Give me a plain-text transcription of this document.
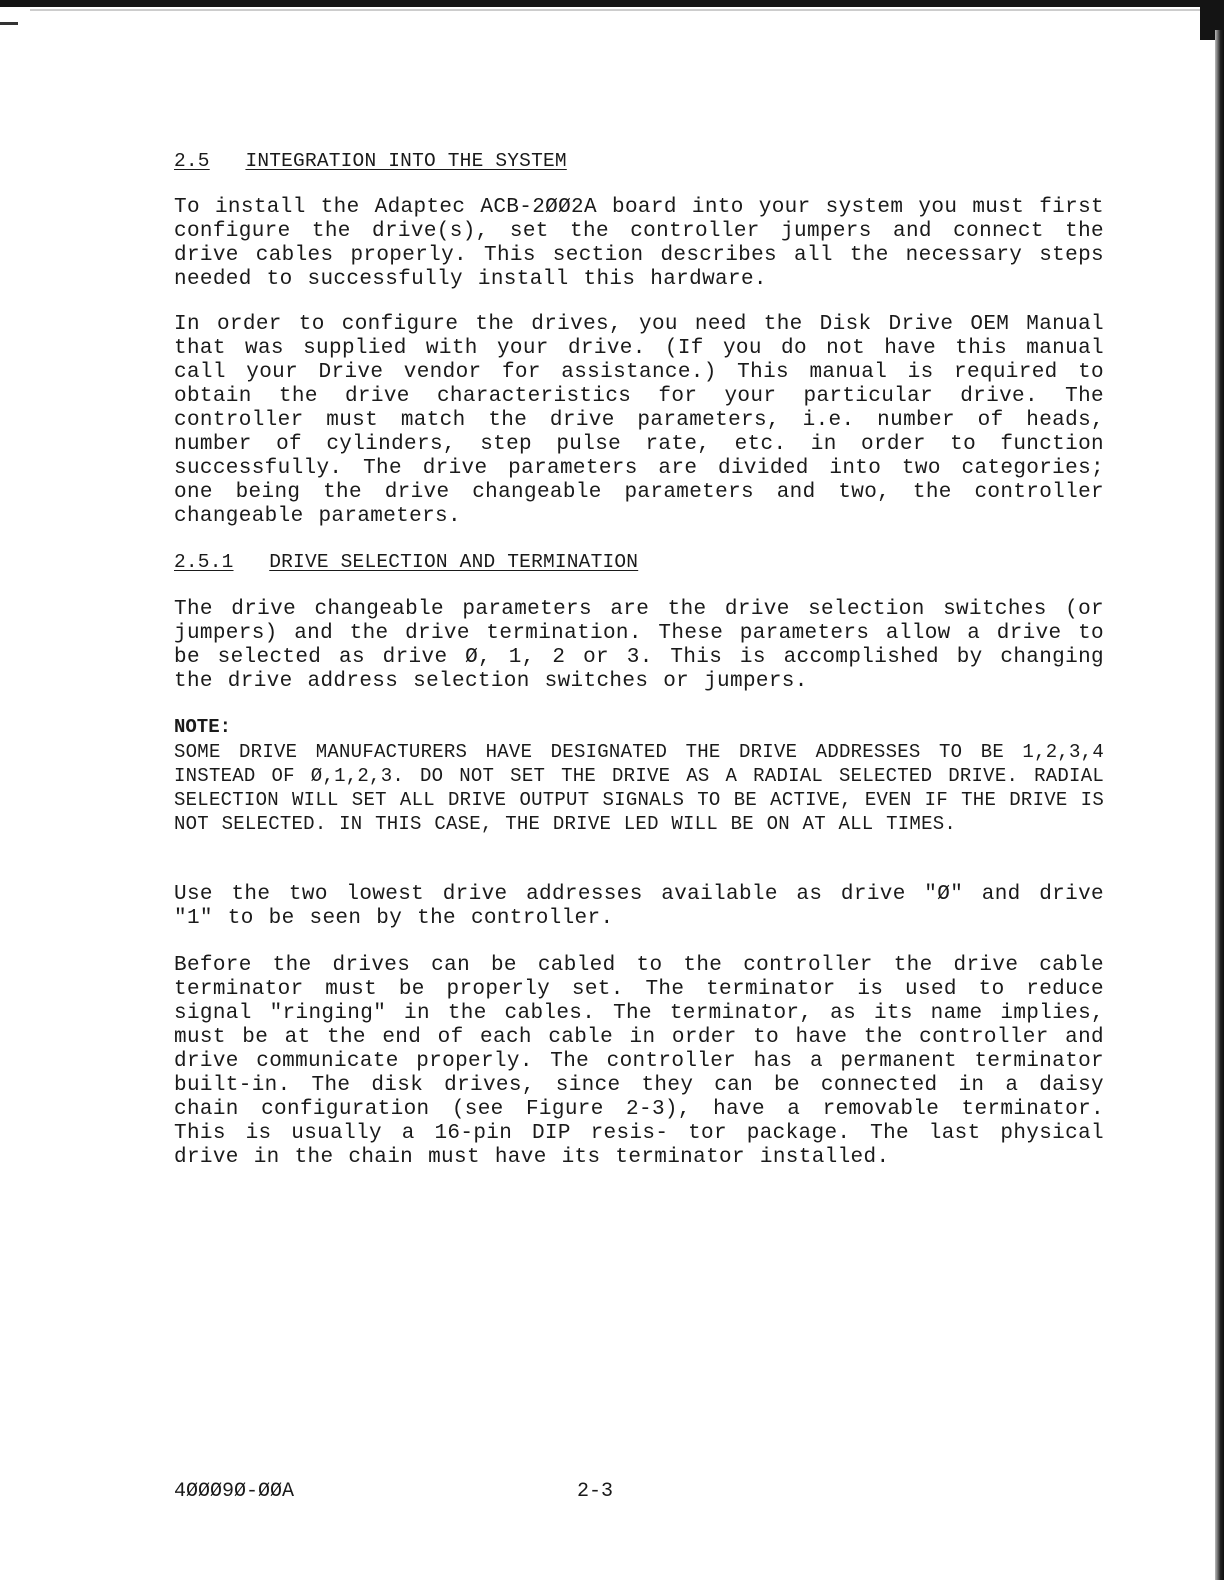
2.5 INTEGRATION INTO THE SYSTEM

To install the Adaptec ACB-2ØØ2A board into your system you must first configure the drive(s), set the controller jumpers and connect the drive cables properly. This section describes all the necessary steps needed to successfully install this hardware.

In order to configure the drives, you need the Disk Drive OEM Manual that was supplied with your drive. (If you do not have this manual call your Drive vendor for assistance.) This manual is required to obtain the drive characteristics for your particular drive. The controller must match the drive parameters, i.e. number of heads, number of cylinders, step pulse rate, etc. in order to function successfully. The drive parameters are divided into two categories; one being the drive changeable parameters and two, the controller changeable parameters.

2.5.1 DRIVE SELECTION AND TERMINATION

The drive changeable parameters are the drive selection switches (or jumpers) and the drive termination. These parameters allow a drive to be selected as drive Ø, 1, 2 or 3. This is accomplished by changing the drive address selection switches or jumpers.

NOTE:

SOME DRIVE MANUFACTURERS HAVE DESIGNATED THE DRIVE ADDRESSES TO BE 1,2,3,4 INSTEAD OF Ø,1,2,3. DO NOT SET THE DRIVE AS A RADIAL SELECTED DRIVE. RADIAL SELECTION WILL SET ALL DRIVE OUTPUT SIGNALS TO BE ACTIVE, EVEN IF THE DRIVE IS NOT SELECTED. IN THIS CASE, THE DRIVE LED WILL BE ON AT ALL TIMES.

Use the two lowest drive addresses available as drive "Ø" and drive "1" to be seen by the controller.

Before the drives can be cabled to the controller the drive cable terminator must be properly set. The terminator is used to reduce signal "ringing" in the cables. The terminator, as its name implies, must be at the end of each cable in order to have the controller and drive communicate properly. The controller has a permanent terminator built-in. The disk drives, since they can be connected in a daisy chain configuration (see Figure 2-3), have a removable terminator. This is usually a 16-pin DIP resis- tor package. The last physical drive in the chain must have its terminator installed.

4ØØØ9Ø-ØØA	2-3
